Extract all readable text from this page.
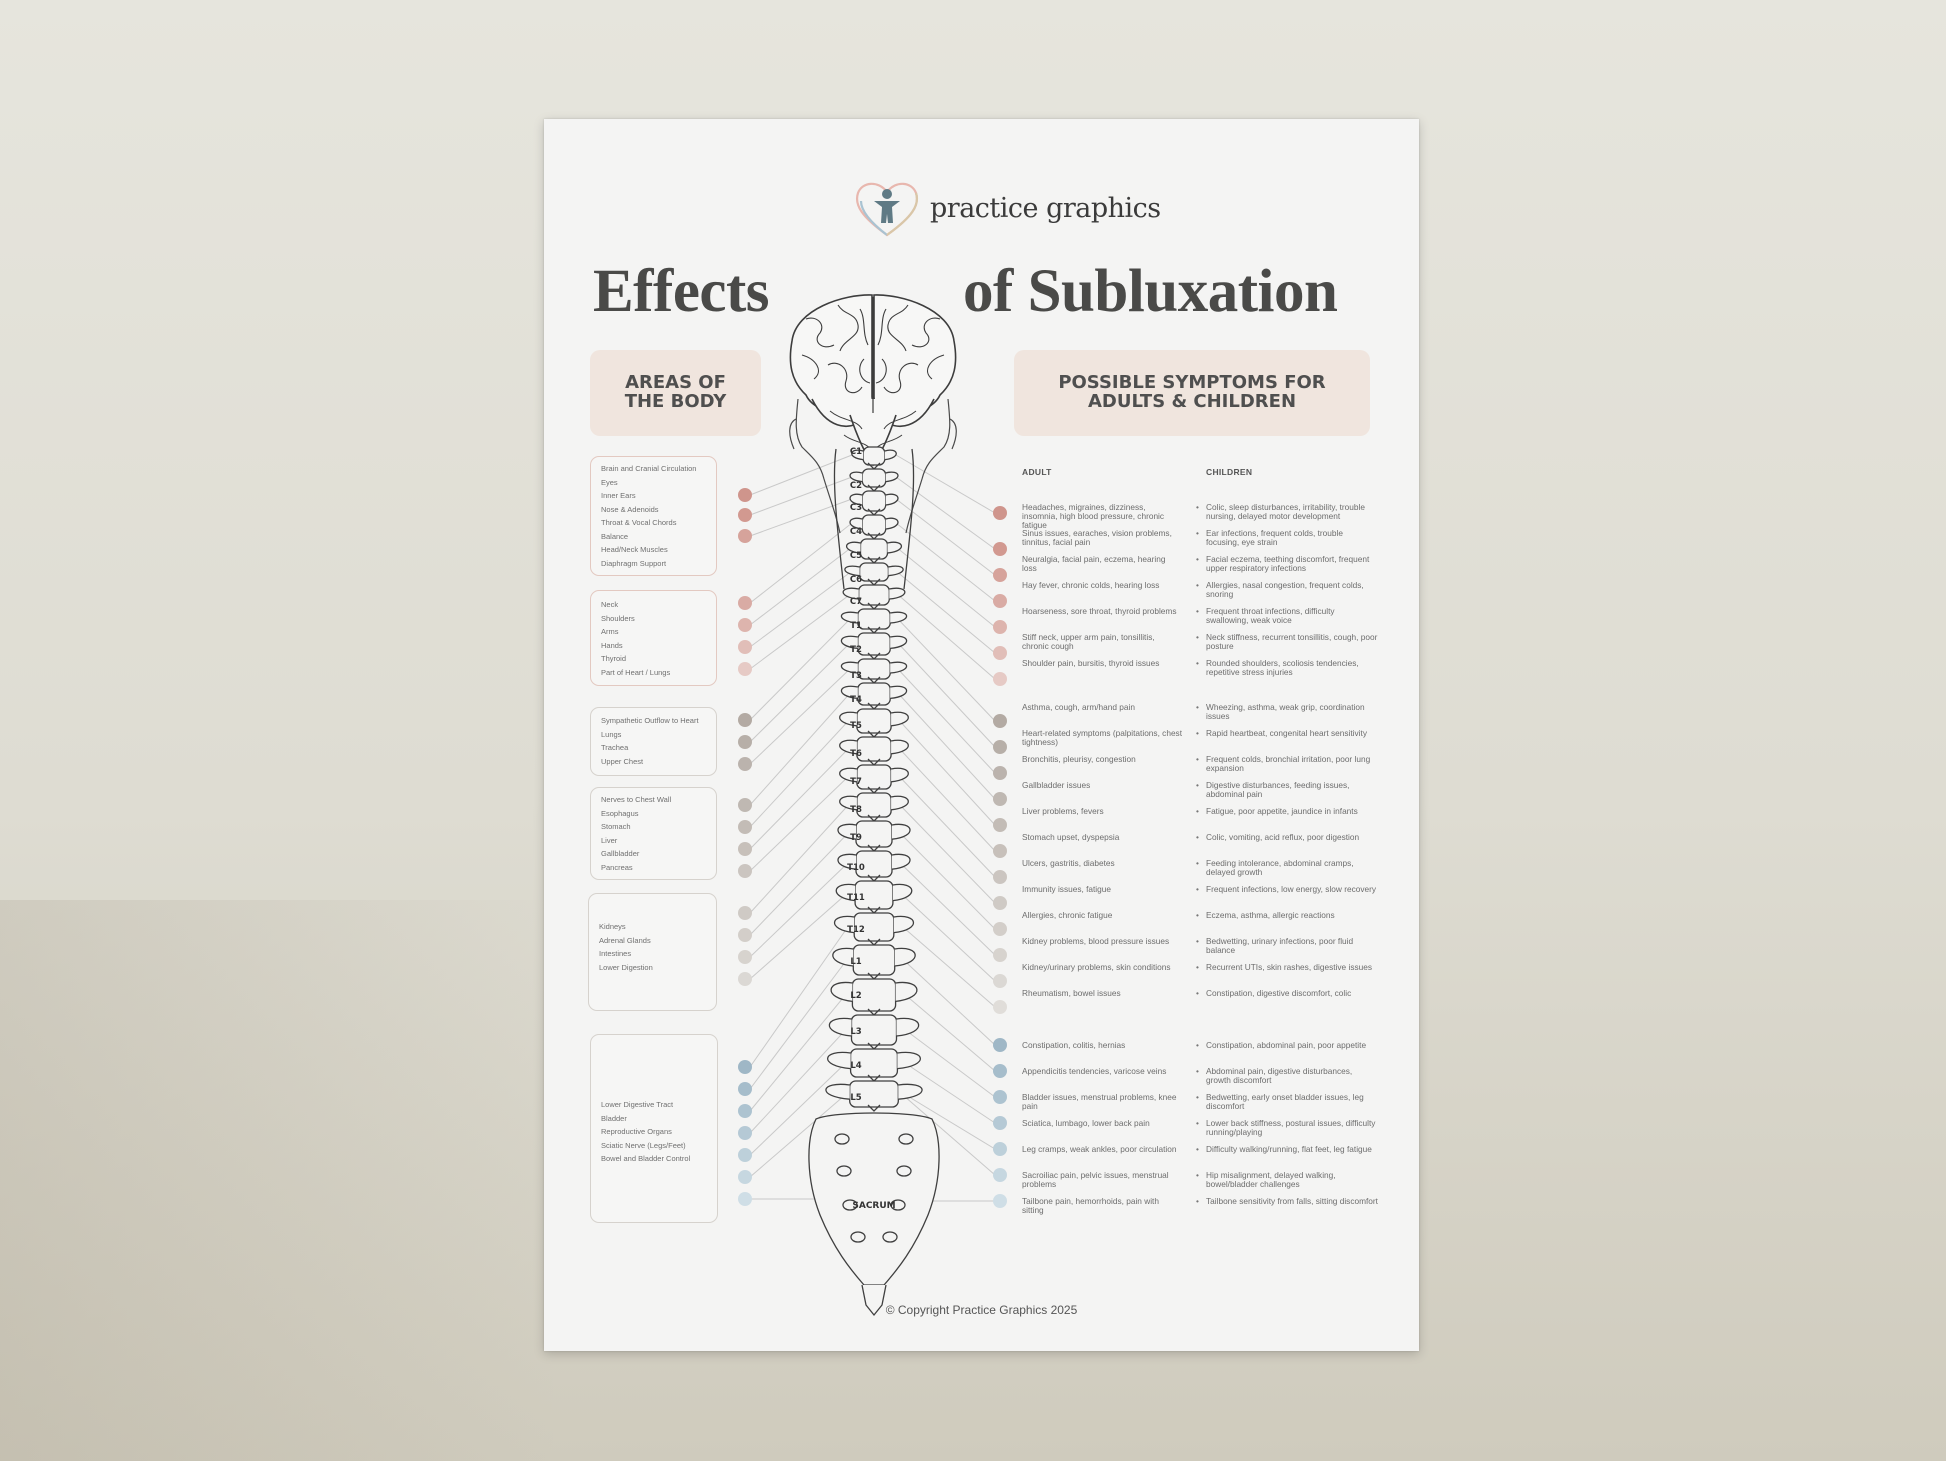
practice graphics
Effects	of Subluxation
AREAS OF
THE BODY
POSSIBLE SYMPTOMS FOR
ADULTS & CHILDREN
ADULT	CHILDREN
Brain and Cranial Circulation
Eyes
Inner Ears
Nose & Adenoids
Throat & Vocal Chords
Balance
Head/Neck Muscles
Diaphragm Support
Neck
Shoulders
Arms
Hands
Thyroid
Part of Heart / Lungs
Sympathetic Outflow to Heart
Lungs
Trachea
Upper Chest
Nerves to Chest Wall
Esophagus
Stomach
Liver
Gallbladder
Pancreas
Kidneys
Adrenal Glands
Intestines
Lower Digestion
Lower Digestive Tract
Bladder
Reproductive Organs
Sciatic Nerve (Legs/Feet)
Bowel and Bladder Control
C1
C2
C3
C4
C5
C6
C7
T1
T2
T3
T4
T5
T6
T7
T8
T9
T10
T11
T12
L1
L2
L3
L4
L5
SACRUM
Headaches, migraines, dizziness, insomnia, high blood pressure, chronic fatigue
• Colic, sleep disturbances, irritability, trouble nursing, delayed motor development
Sinus issues, earaches, vision problems, tinnitus, facial pain
• Ear infections, frequent colds, trouble focusing, eye strain
Neuralgia, facial pain, eczema, hearing loss
• Facial eczema, teething discomfort, frequent upper respiratory infections
Hay fever, chronic colds, hearing loss	• Allergies, nasal congestion, frequent colds, snoring
Hoarseness, sore throat, thyroid problems	• Frequent throat infections, difficulty swallowing, weak voice
Stiff neck, upper arm pain, tonsillitis, chronic cough
• Neck stiffness, recurrent tonsillitis, cough, poor posture
Shoulder pain, bursitis, thyroid issues	• Rounded shoulders, scoliosis tendencies, repetitive stress injuries
Asthma, cough, arm/hand pain	• Wheezing, asthma, weak grip, coordination issues
Heart-related symptoms (palpitations, chest tightness)
• Rapid heartbeat, congenital heart sensitivity
Bronchitis, pleurisy, congestion	• Frequent colds, bronchial irritation, poor lung expansion
Gallbladder issues	• Digestive disturbances, feeding issues, abdominal pain
Liver problems, fevers	• Fatigue, poor appetite, jaundice in infants
Stomach upset, dyspepsia	• Colic, vomiting, acid reflux, poor digestion
Ulcers, gastritis, diabetes	• Feeding intolerance, abdominal cramps, delayed growth
Immunity issues, fatigue	• Frequent infections, low energy, slow recovery
Allergies, chronic fatigue	• Eczema, asthma, allergic reactions
Kidney problems, blood pressure issues	• Bedwetting, urinary infections, poor fluid balance
Kidney/urinary problems, skin conditions	• Recurrent UTIs, skin rashes, digestive issues
Rheumatism, bowel issues	• Constipation, digestive discomfort, colic
Constipation, colitis, hernias	• Constipation, abdominal pain, poor appetite
Appendicitis tendencies, varicose veins	• Abdominal pain, digestive disturbances, growth discomfort
Bladder issues, menstrual problems, knee pain
• Bedwetting, early onset bladder issues, leg discomfort
Sciatica, lumbago, lower back pain	• Lower back stiffness, postural issues, difficulty running/playing
Leg cramps, weak ankles, poor circulation	• Difficulty walking/running, flat feet, leg fatigue
Sacroiliac pain, pelvic issues, menstrual problems
• Hip misalignment, delayed walking, bowel/bladder challenges
Tailbone pain, hemorrhoids, pain with sitting
• Tailbone sensitivity from falls, sitting discomfort
© Copyright Practice Graphics 2025
